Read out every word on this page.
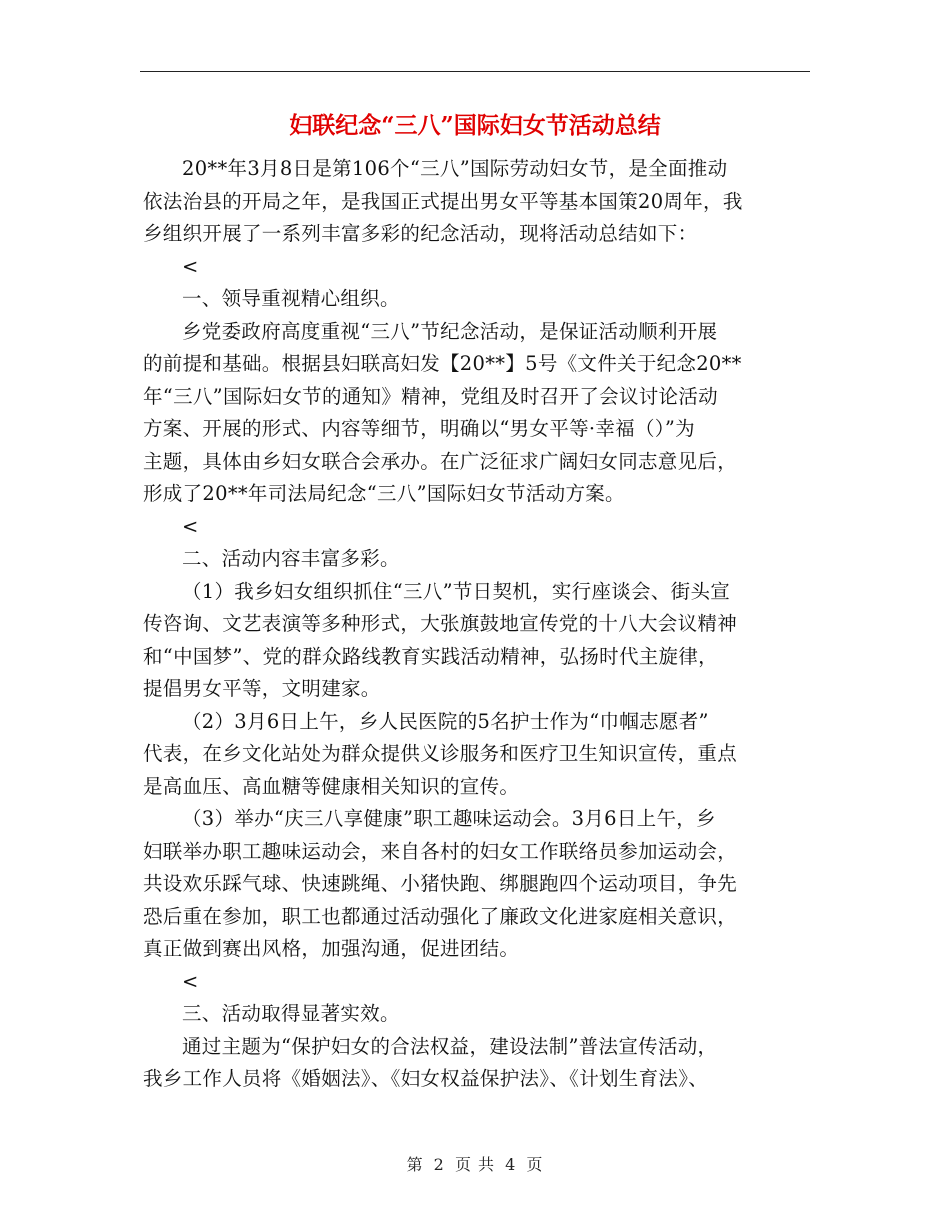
妇联纪念“三八”国际妇女节活动总结
20**年3月8日是第106个“三八”国际劳动妇女节，是全面推动
依法治县的开局之年，是我国正式提出男女平等基本国策20周年，我
乡组织开展了一系列丰富多彩的纪念活动，现将活动总结如下：
<
一、领导重视精心组织。
乡党委政府高度重视“三八”节纪念活动，是保证活动顺利开展
的前提和基础。根据县妇联高妇发【20**】5号《文件关于纪念20**
年“三八”国际妇女节的通知》精神，党组及时召开了会议讨论活动
方案、开展的形式、内容等细节，明确以“男女平等·幸福（）”为
主题，具体由乡妇女联合会承办。在广泛征求广阔妇女同志意见后，
形成了20**年司法局纪念“三八”国际妇女节活动方案。
<
二、活动内容丰富多彩。
（1）我乡妇女组织抓住“三八”节日契机，实行座谈会、街头宣
传咨询、文艺表演等多种形式，大张旗鼓地宣传党的十八大会议精神
和“中国梦”、党的群众路线教育实践活动精神，弘扬时代主旋律，
提倡男女平等，文明建家。
（2）3月6日上午，乡人民医院的5名护士作为“巾帼志愿者”
代表，在乡文化站处为群众提供义诊服务和医疗卫生知识宣传，重点
是高血压、高血糖等健康相关知识的宣传。
（3）举办“庆三八享健康”职工趣味运动会。3月6日上午，乡
妇联举办职工趣味运动会，来自各村的妇女工作联络员参加运动会，
共设欢乐踩气球、快速跳绳、小猪快跑、绑腿跑四个运动项目，争先
恐后重在参加，职工也都通过活动强化了廉政文化进家庭相关意识，
真正做到赛出风格，加强沟通，促进团结。
<
三、活动取得显著实效。
通过主题为“保护妇女的合法权益，建设法制”普法宣传活动，
我乡工作人员将《婚姻法》、《妇女权益保护法》、《计划生育法》、
第 2 页 共 4 页
